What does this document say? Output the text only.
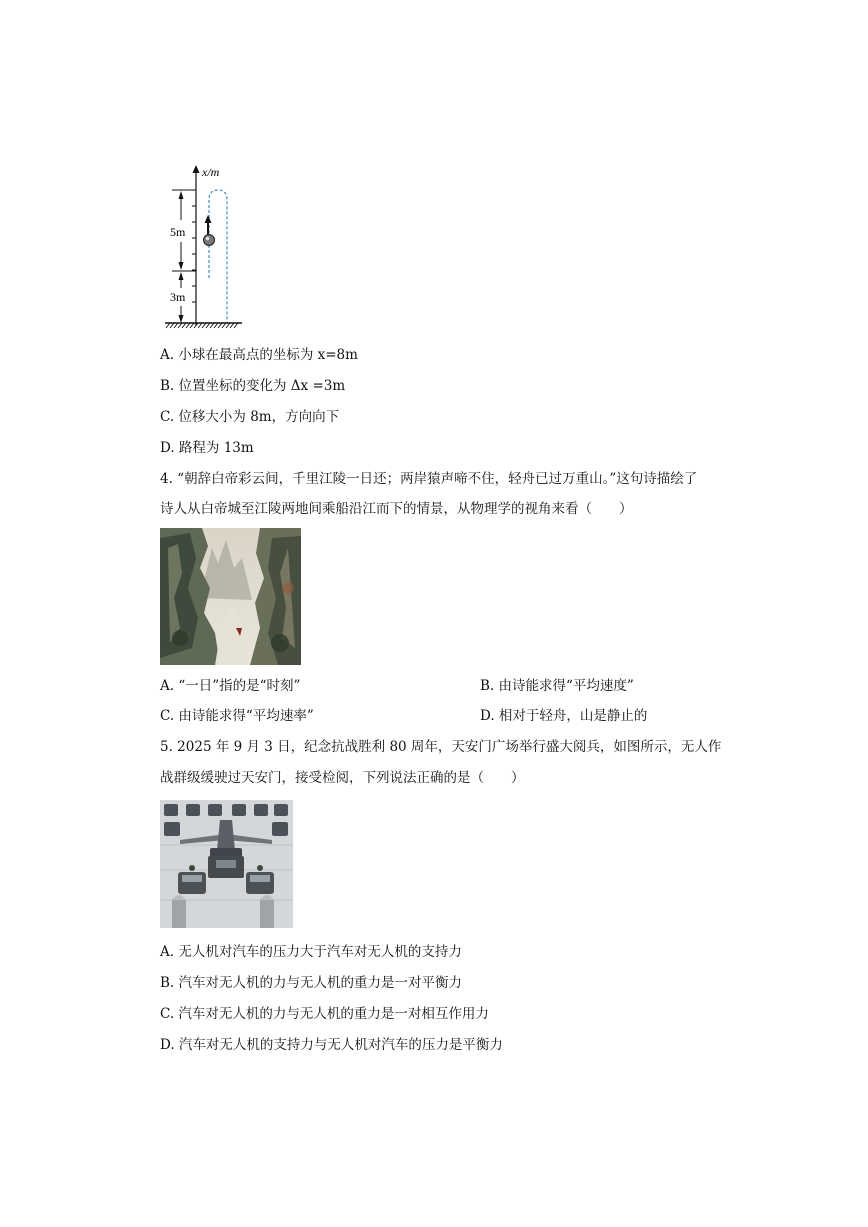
x/m
5m
3m
A. 小球在最高点的坐标为 x=8m
B. 位置坐标的变化为 Δx =3m
C. 位移大小为 8m，方向向下
D. 路程为 13m
4. “朝辞白帝彩云间，千里江陵一日还；两岸猿声啼不住，轻舟已过万重山。”这句诗描绘了
诗人从白帝城至江陵两地间乘船沿江而下的情景，从物理学的视角来看（　　）
A. “一日”指的是“时刻”	B. 由诗能求得“平均速度”
C. 由诗能求得“平均速率”	D. 相对于轻舟，山是静止的
5. 2025 年 9 月 3 日，纪念抗战胜利 80 周年，天安门广场举行盛大阅兵，如图所示，无人作
战群级缓驶过天安门，接受检阅，下列说法正确的是（　　）
A. 无人机对汽车的压力大于汽车对无人机的支持力
B. 汽车对无人机的力与无人机的重力是一对平衡力
C. 汽车对无人机的力与无人机的重力是一对相互作用力
D. 汽车对无人机的支持力与无人机对汽车的压力是平衡力
